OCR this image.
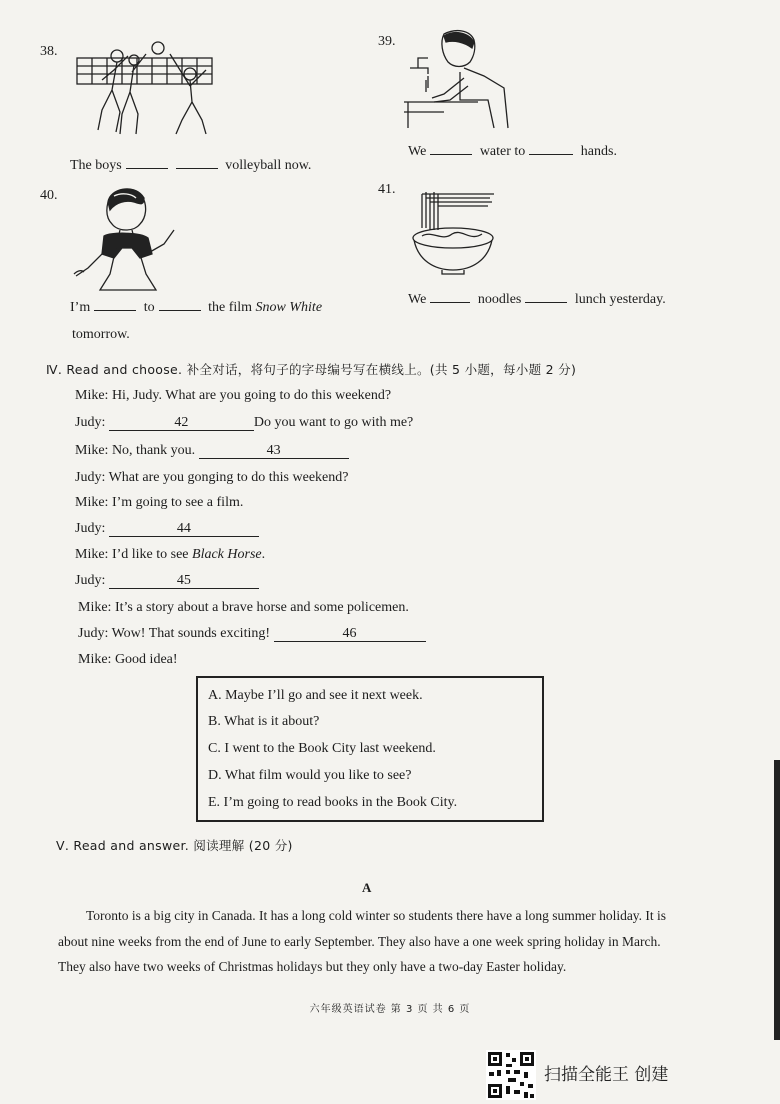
38.
The boys	volleyball now.
39.
We	water to	hands.
40.
I’m	to	the film Snow White
tomorrow.
41.
We	noodles	lunch yesterday.
Ⅳ. Read and choose. 补全对话，将句子的字母编号写在横线上。(共 5 小题，每小题 2 分)
Mike: Hi, Judy. What are you going to do this weekend?
Judy:	42	Do you want to go with me?
Mike: No, thank you.	43
Judy: What are you gonging to do this weekend?
Mike: I’m going to see a film.
Judy:	44
Mike: I’d like to see Black Horse.
Judy:	45
Mike: It’s a story about a brave horse and some policemen.
Judy: Wow! That sounds exciting!	46
Mike: Good idea!
A. Maybe I’ll go and see it next week.
B. What is it about?
C. I went to the Book City last weekend.
D. What film would you like to see?
E. I’m going to read books in the Book City.
Ⅴ. Read and answer. 阅读理解 (20 分)
A
Toronto is a big city in Canada. It has a long cold winter so students there have a long summer holiday. It is
about nine weeks from the end of June to early September. They also have a one week spring holiday in March.
They also have two weeks of Christmas holidays but they only have a two-day Easter holiday.
六年级英语试卷 第 3 页 共 6 页
扫描全能王 创建
